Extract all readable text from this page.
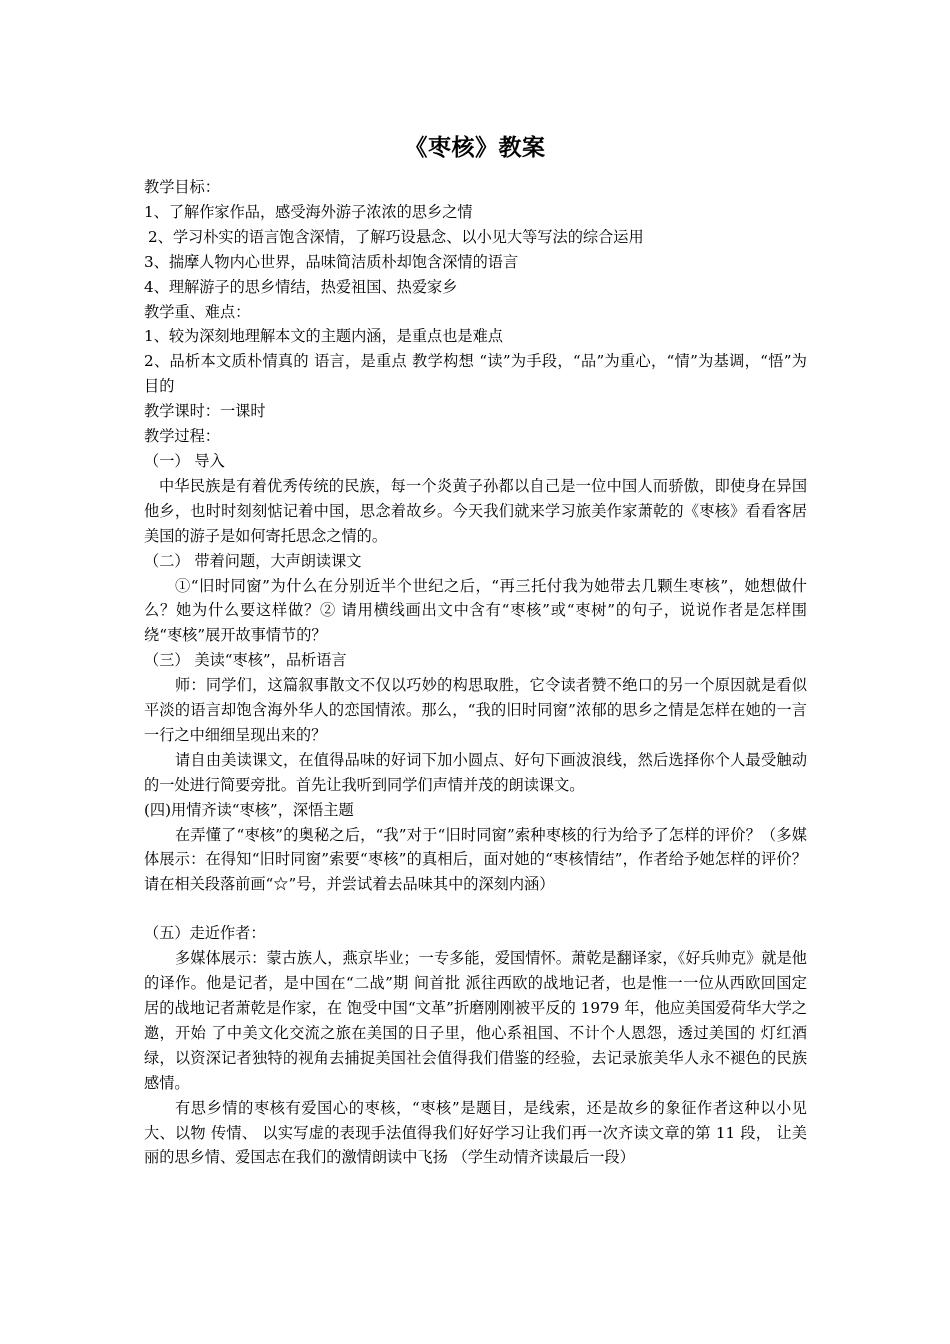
《枣核》教案
教学目标：
1、了解作家作品，感受海外游子浓浓的思乡之情
2、学习朴实的语言饱含深情，了解巧设悬念、以小见大等写法的综合运用
3、揣摩人物内心世界，品味简洁质朴却饱含深情的语言
4、理解游子的思乡情结，热爱祖国、热爱家乡
教学重、难点：
1、较为深刻地理解本文的主题内涵，是重点也是难点
2、品析本文质朴情真的 语言，是重点 教学构想 “读”为手段，“品”为重心，“情”为基调，“悟”为目的
教学课时：一课时
教学过程：
（一） 导入
中华民族是有着优秀传统的民族，每一个炎黄子孙都以自己是一位中国人而骄傲，即使身在异国他乡，也时时刻刻惦记着中国，思念着故乡。今天我们就来学习旅美作家萧乾的《枣核》看看客居美国的游子是如何寄托思念之情的。
（二） 带着问题，大声朗读课文
①“旧时同窗”为什么在分别近半个世纪之后，“再三托付我为她带去几颗生枣核”，她想做什么？她为什么要这样做？② 请用横线画出文中含有“枣核”或“枣树”的句子，说说作者是怎样围绕“枣核”展开故事情节的？
（三） 美读“枣核”，品析语言
师：同学们，这篇叙事散文不仅以巧妙的构思取胜，它令读者赞不绝口的另一个原因就是看似平淡的语言却饱含海外华人的恋国情浓。那么，“我的旧时同窗”浓郁的思乡之情是怎样在她的一言一行之中细细呈现出来的？
请自由美读课文，在值得品味的好词下加小圆点、好句下画波浪线，然后选择你个人最受触动的一处进行简要旁批。首先让我听到同学们声情并茂的朗读课文。
(四)用情齐读“枣核”，深悟主题
在弄懂了“枣核”的奥秘之后，“我”对于“旧时同窗”索种枣核的行为给予了怎样的评价？（多媒体展示：在得知“旧时同窗”索要“枣核”的真相后，面对她的“枣核情结”，作者给予她怎样的评价？请在相关段落前画“☆”号，并尝试着去品味其中的深刻内涵）
（五）走近作者：
多媒体展示：蒙古族人，燕京毕业；一专多能，爱国情怀。萧乾是翻译家，《好兵帅克》就是他的译作。他是记者，是中国在“二战”期 间首批 派往西欧的战地记者，也是惟一一位从西欧回国定居的战地记者萧乾是作家，在 饱受中国“文革”折磨刚刚被平反的 1979 年，他应美国爱荷华大学之邀，开始 了中美文化交流之旅在美国的日子里，他心系祖国、不计个人恩怨，透过美国的 灯红酒绿，以资深记者独特的视角去捕捉美国社会值得我们借鉴的经验，去记录旅美华人永不褪色的民族感情。
有思乡情的枣核有爱国心的枣核，“枣核”是题目，是线索，还是故乡的象征作者这种以小见大、以物 传情、 以实写虚的表现手法值得我们好好学习让我们再一次齐读文章的第 11 段， 让美丽的思乡情、爱国志在我们的激情朗读中飞扬 （学生动情齐读最后一段）
